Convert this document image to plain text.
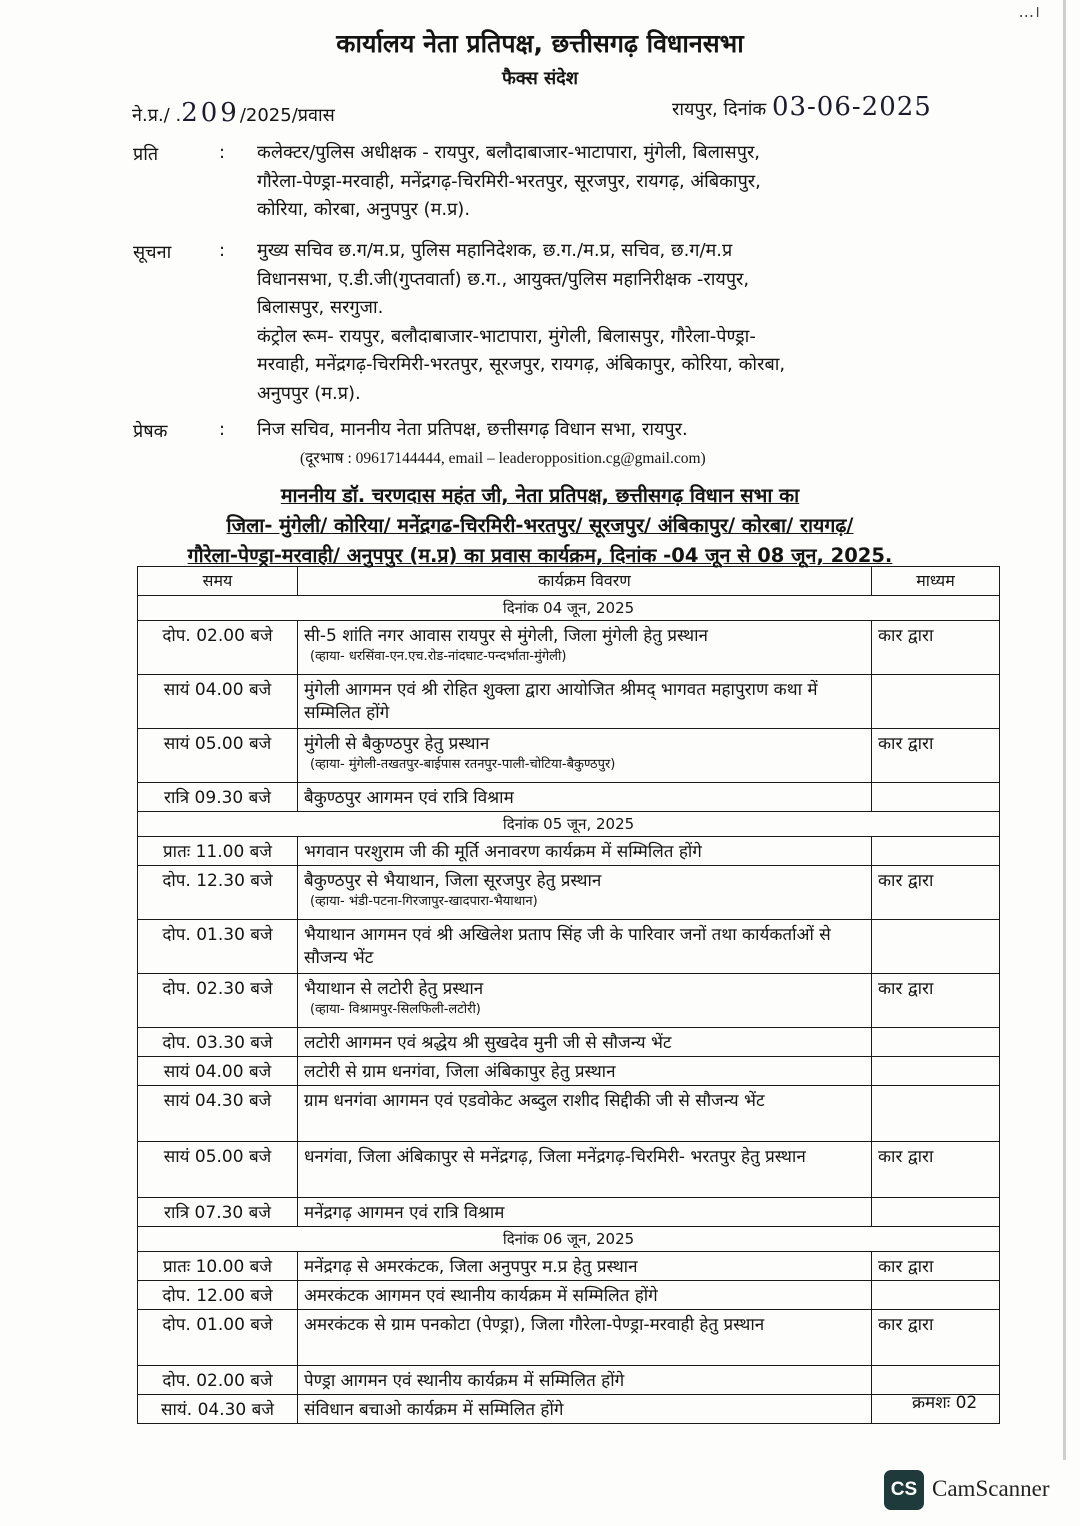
...।
कार्यालय नेता प्रतिपक्ष, छत्तीसगढ़ विधानसभा
फैक्स संदेश
ने.प्र./ .209/2025/प्रवास	रायपुर, दिनांक 03-06-2025
प्रति	: कलेक्टर/पुलिस अधीक्षक - रायपुर, बलौदाबाजार-भाटापारा, मुंगेली, बिलासपुर,
गौरेला-पेण्ड्रा-मरवाही, मनेंद्रगढ़-चिरमिरी-भरतपुर, सूरजपुर, रायगढ़, अंबिकापुर,
कोरिया, कोरबा, अनुपपुर (म.प्र).
सूचना	: मुख्य सचिव छ.ग/म.प्र, पुलिस महानिदेशक, छ.ग./म.प्र, सचिव, छ.ग/म.प्र
विधानसभा, ए.डी.जी(गुप्तवार्ता) छ.ग., आयुक्त/पुलिस महानिरीक्षक -रायपुर,
बिलासपुर, सरगुजा.
कंट्रोल रूम- रायपुर, बलौदाबाजार-भाटापारा, मुंगेली, बिलासपुर, गौरेला-पेण्ड्रा-
मरवाही, मनेंद्रगढ़-चिरमिरी-भरतपुर, सूरजपुर, रायगढ़, अंबिकापुर, कोरिया, कोरबा,
अनुपपुर (म.प्र).
प्रेषक	: निज सचिव, माननीय नेता प्रतिपक्ष, छत्तीसगढ़ विधान सभा, रायपुर.
(दूरभाष : 09617144444, email – leaderopposition.cg@gmail.com)
माननीय डॉ. चरणदास महंत जी, नेता प्रतिपक्ष, छत्तीसगढ़ विधान सभा का
जिला- मुंगेली/ कोरिया/ मनेंद्रगढ-चिरमिरी-भरतपुर/ सूरजपुर/ अंबिकापुर/ कोरबा/ रायगढ़/
गौरेला-पेण्ड्रा-मरवाही/ अनुपपुर (म.प्र) का प्रवास कार्यक्रम, दिनांक -04 जून से 08 जून, 2025.
समय	कार्यक्रम विवरण	माध्यम
दिनांक 04 जून, 2025		
दोप. 02.00 बजे	सी-5 शांति नगर आवास रायपुर से मुंगेली, जिला मुंगेली हेतु प्रस्थान
(व्हाया- धरसिंवा-एन.एच.रोड-नांदघाट-पन्दर्भाता-मुंगेली)	कार द्वारा
सायं 04.00 बजे	मुंगेली आगमन एवं श्री रोहित शुक्ला द्वारा आयोजित श्रीमद् भागवत महापुराण कथा में सम्मिलित होंगे	
सायं 05.00 बजे	मुंगेली से बैकुण्ठपुर हेतु प्रस्थान
(व्हाया- मुंगेली-तखतपुर-बाईपास रतनपुर-पाली-चोटिया-बैकुण्ठपुर)	कार द्वारा
रात्रि 09.30 बजे	बैकुण्ठपुर आगमन एवं रात्रि विश्राम	
दिनांक 05 जून, 2025		
प्रातः 11.00 बजे	भगवान परशुराम जी की मूर्ति अनावरण कार्यक्रम में सम्मिलित होंगे	
दोप. 12.30 बजे	बैकुण्ठपुर से भैयाथान, जिला सूरजपुर हेतु प्रस्थान
(व्हाया- भंडी-पटना-गिरजापुर-खादपारा-भैयाथान)	कार द्वारा
दोप. 01.30 बजे	भैयाथान आगमन एवं श्री अखिलेश प्रताप सिंह जी के पारिवार जनों तथा कार्यकर्ताओं से सौजन्य भेंट	
दोप. 02.30 बजे	भैयाथान से लटोरी हेतु प्रस्थान
(व्हाया- विश्रामपुर-सिलफिली-लटोरी)	कार द्वारा
दोप. 03.30 बजे	लटोरी आगमन एवं श्रद्धेय श्री सुखदेव मुनी जी से सौजन्य भेंट	
सायं 04.00 बजे	लटोरी से ग्राम धनगंवा, जिला अंबिकापुर हेतु प्रस्थान	
सायं 04.30 बजे	ग्राम धनगंवा आगमन एवं एडवोकेट अब्दुल राशीद सिद्दीकी जी से सौजन्य भेंट	
सायं 05.00 बजे	धनगंवा, जिला अंबिकापुर से मनेंद्रगढ़, जिला मनेंद्रगढ़-चिरमिरी- भरतपुर हेतु प्रस्थान	कार द्वारा
रात्रि 07.30 बजे	मनेंद्रगढ़ आगमन एवं रात्रि विश्राम	
दिनांक 06 जून, 2025		
प्रातः 10.00 बजे	मनेंद्रगढ़ से अमरकंटक, जिला अनुपपुर म.प्र हेतु प्रस्थान	कार द्वारा
दोप. 12.00 बजे	अमरकंटक आगमन एवं स्थानीय कार्यक्रम में सम्मिलित होंगे	
दोप. 01.00 बजे	अमरकंटक से ग्राम पनकोटा (पेण्ड्रा), जिला गौरेला-पेण्ड्रा-मरवाही हेतु प्रस्थान	कार द्वारा
दोप. 02.00 बजे	पेण्ड्रा आगमन एवं स्थानीय कार्यक्रम में सम्मिलित होंगे	
सायं. 04.30 बजे	संविधान बचाओ कार्यक्रम में सम्मिलित होंगे		क्रमशः 02
CS CamScanner
